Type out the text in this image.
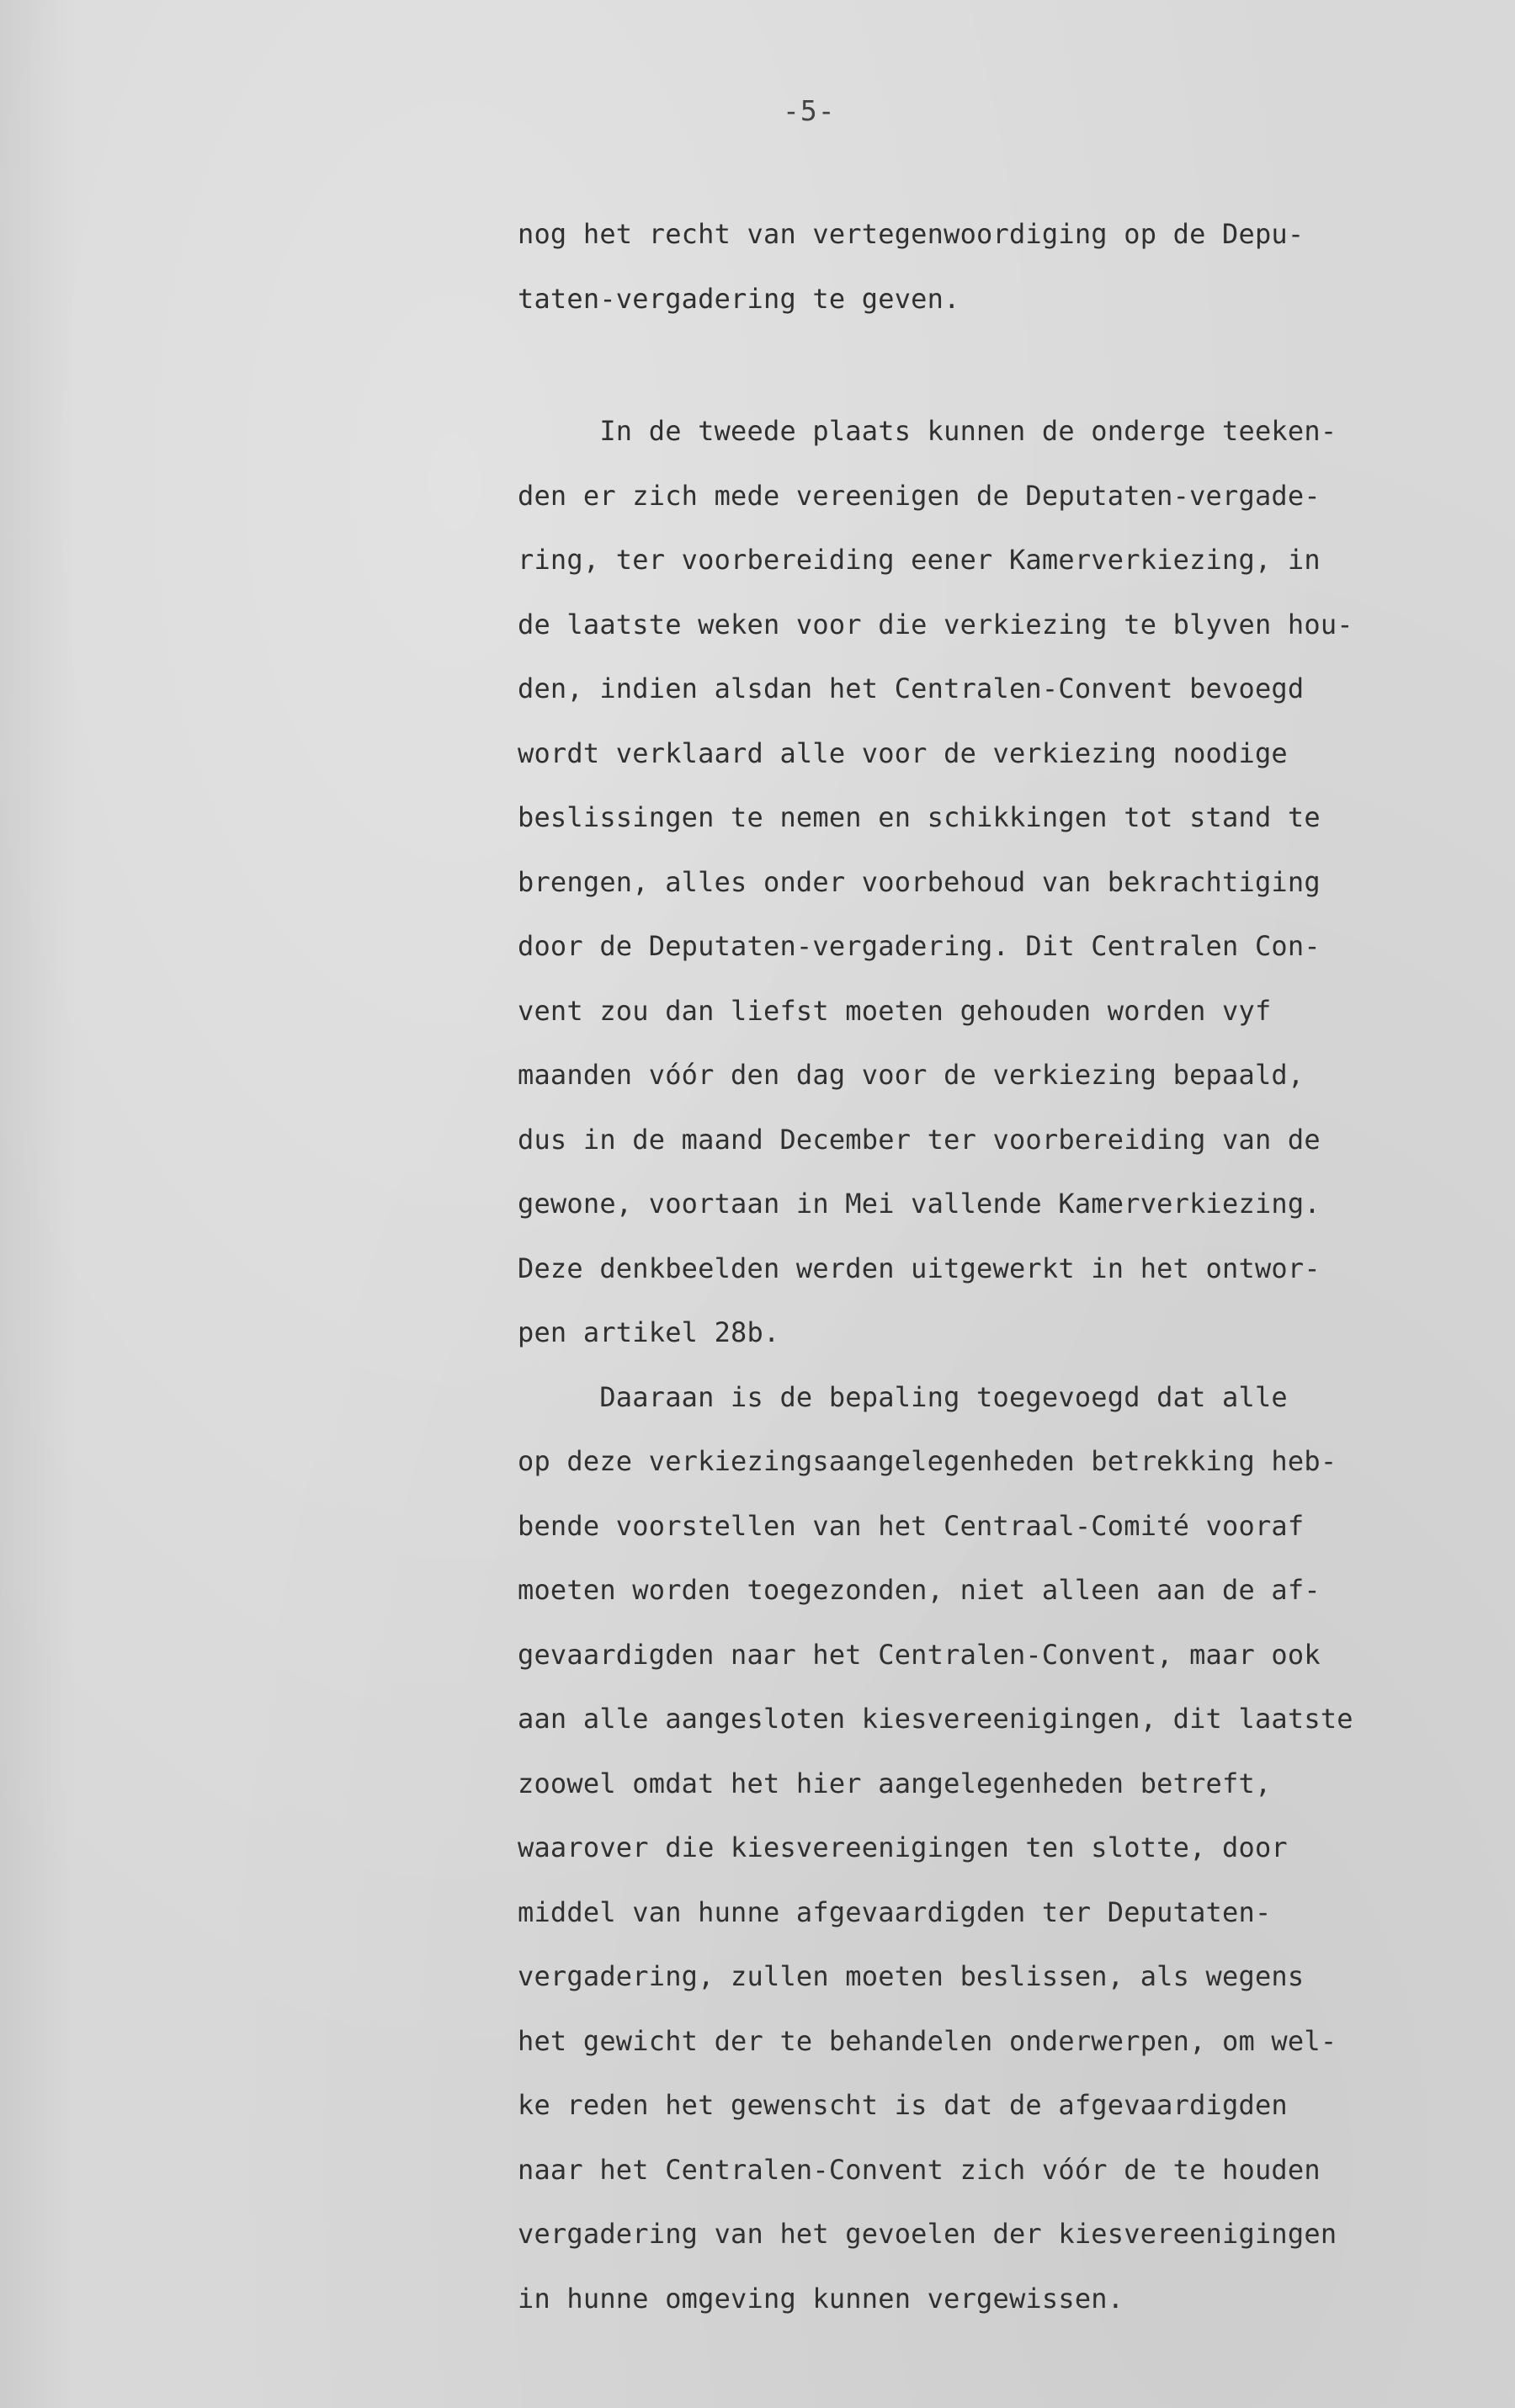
-5-
nog het recht van vertegenwoordiging op de Depu-
taten-vergadering te geven.
In de tweede plaats kunnen de onderge teeken-
den er zich mede vereenigen de Deputaten-vergade-
ring, ter voorbereiding eener Kamerverkiezing, in
de laatste weken voor die verkiezing te blyven hou-
den, indien alsdan het Centralen-Convent bevoegd
wordt verklaard alle voor de verkiezing noodige
beslissingen te nemen en schikkingen tot stand te
brengen, alles onder voorbehoud van bekrachtiging
door de Deputaten-vergadering. Dit Centralen Con-
vent zou dan liefst moeten gehouden worden vyf
maanden vóór den dag voor de verkiezing bepaald,
dus in de maand December ter voorbereiding van de
gewone, voortaan in Mei vallende Kamerverkiezing.
Deze denkbeelden werden uitgewerkt in het ontwor-
pen artikel 28b.
Daaraan is de bepaling toegevoegd dat alle
op deze verkiezingsaangelegenheden betrekking heb-
bende voorstellen van het Centraal-Comité vooraf
moeten worden toegezonden, niet alleen aan de af-
gevaardigden naar het Centralen-Convent, maar ook
aan alle aangesloten kiesvereenigingen, dit laatste
zoowel omdat het hier aangelegenheden betreft,
waarover die kiesvereenigingen ten slotte, door
middel van hunne afgevaardigden ter Deputaten-
vergadering, zullen moeten beslissen, als wegens
het gewicht der te behandelen onderwerpen, om wel-
ke reden het gewenscht is dat de afgevaardigden
naar het Centralen-Convent zich vóór de te houden
vergadering van het gevoelen der kiesvereenigingen
in hunne omgeving kunnen vergewissen.
